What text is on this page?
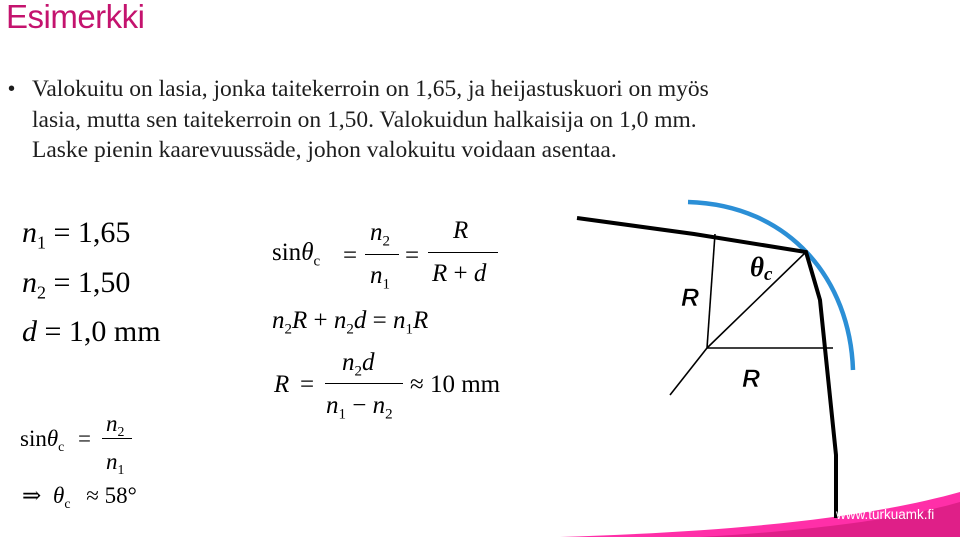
Esimerkki
• Valokuitu on lasia, jonka taitekerroin on 1,65, ja heijastuskuori on myös
lasia, mutta sen taitekerroin on 1,50. Valokuidun halkaisija on 1,0 mm.
Laske pienin kaarevuussäde, johon valokuitu voidaan asentaa.
$n_1 = 1,65$
$n_2 = 1,50$
d = 1,0 mm
sinθ$_c$ =
$n_2$
$n_1$
⇒ $\theta_c \approx 58^\circ$
sinθ$_c$ =
$n_2$
$n_1$
=
R
R + d
$n_2R + n_2d = n_1R$
R =
$n_2d$
$n_1 - n_2$
≈ 10 mm
R
R
θc
www.turkuamk.fi
